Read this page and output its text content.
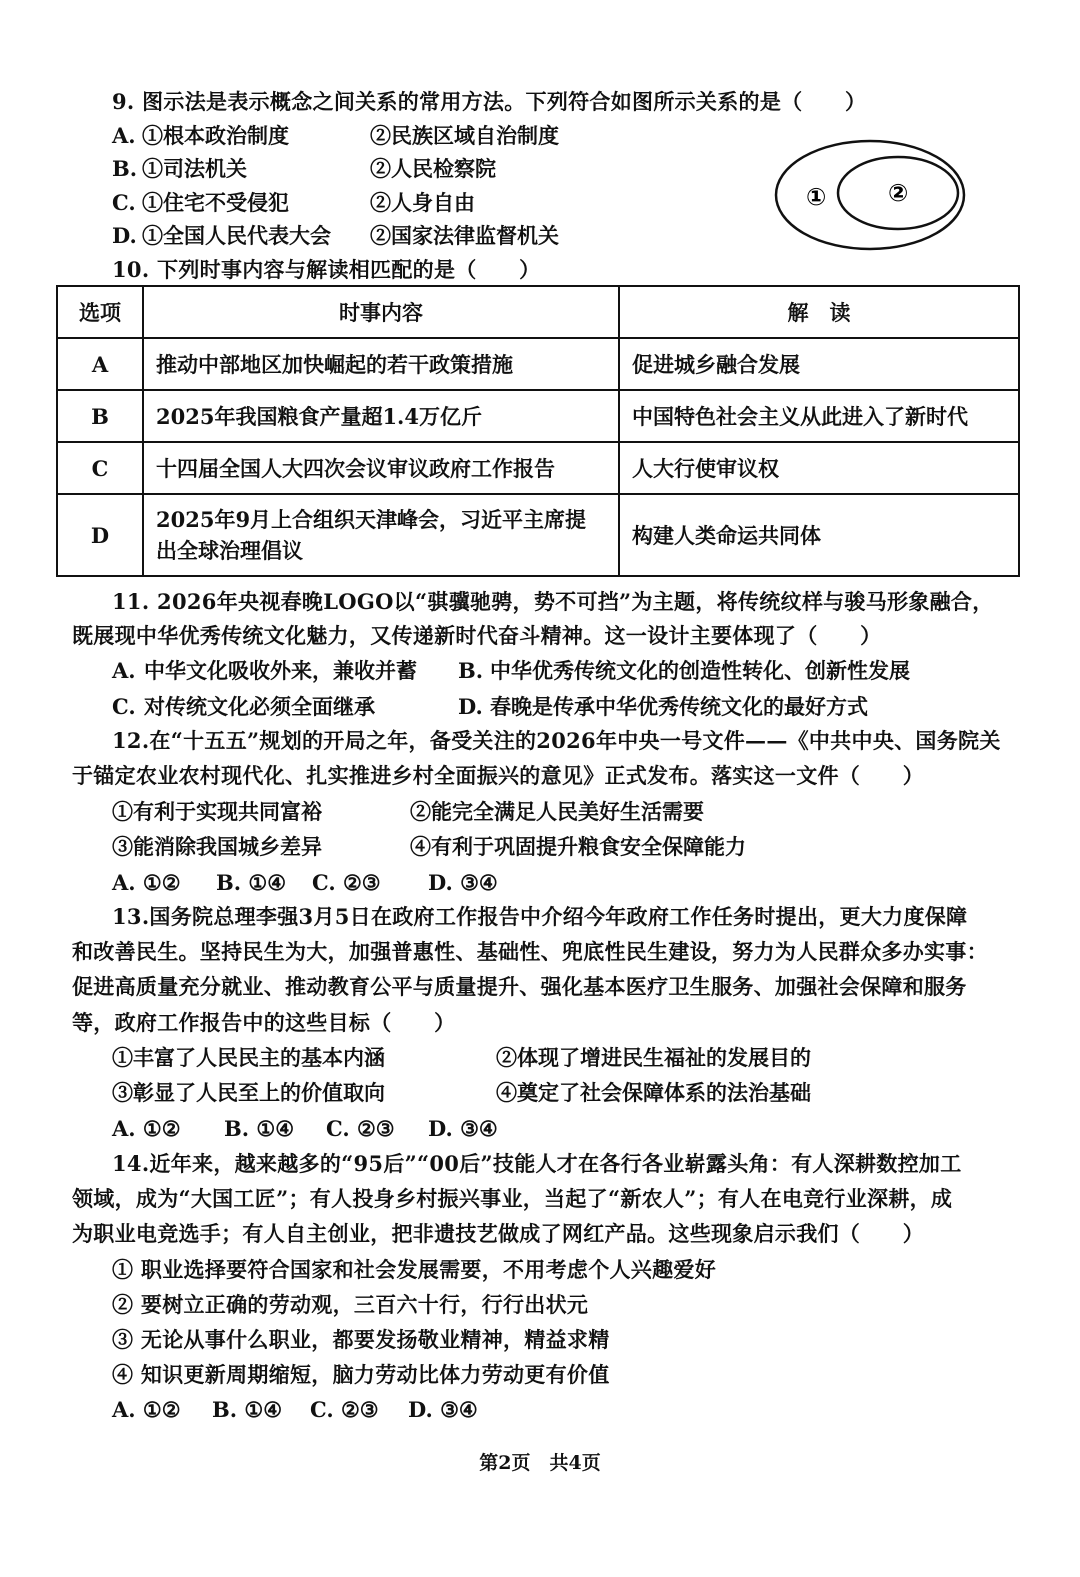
9. 图示法是表示概念之间关系的常用方法。下列符合如图所示关系的是（　　）
A. ①根本政治制度	②民族区域自治制度
B. ①司法机关	②人民检察院
C. ①住宅不受侵犯	②人身自由
D. ①全国人民代表大会 ②国家法律监督机关
①	②
10. 下列时事内容与解读相匹配的是（　　）
选项	时事内容	解　读
A	推动中部地区加快崛起的若干政策措施	促进城乡融合发展
B	2025年我国粮食产量超1.4万亿斤	中国特色社会主义从此进入了新时代
C	十四届全国人大四次会议审议政府工作报告	人大行使审议权
D	2025年9月上合组织天津峰会，习近平主席提出全球治理倡议	构建人类命运共同体
11. 2026年央视春晚LOGO以“骐骥驰骋，势不可挡”为主题，将传统纹样与骏马形象融合，
既展现中华优秀传统文化魅力，又传递新时代奋斗精神。这一设计主要体现了（　　）
A. 中华文化吸收外来，兼收并蓄 B. 中华优秀传统文化的创造性转化、创新性发展
C. 对传统文化必须全面继承	D. 春晚是传承中华优秀传统文化的最好方式
12.在“十五五”规划的开局之年，备受关注的2026年中央一号文件——《中共中央、国务院关
于锚定农业农村现代化、扎实推进乡村全面振兴的意见》正式发布。落实这一文件（　　）
①有利于实现共同富裕	②能完全满足人民美好生活需要
③能消除我国城乡差异	④有利于巩固提升粮食安全保障能力
A. ①② B. ①④ C. ②③ D. ③④
13.国务院总理李强3月5日在政府工作报告中介绍今年政府工作任务时提出，更大力度保障
和改善民生。坚持民生为大，加强普惠性、基础性、兜底性民生建设，努力为人民群众多办实事：
促进高质量充分就业、推动教育公平与质量提升、强化基本医疗卫生服务、加强社会保障和服务
等，政府工作报告中的这些目标（　　）
①丰富了人民民主的基本内涵	②体现了增进民生福祉的发展目的
③彰显了人民至上的价值取向	④奠定了社会保障体系的法治基础
A. ①② B. ①④ C. ②③ D. ③④
14.近年来，越来越多的“95后”“00后”技能人才在各行各业崭露头角：有人深耕数控加工
领域，成为“大国工匠”；有人投身乡村振兴事业，当起了“新农人”；有人在电竞行业深耕，成
为职业电竞选手；有人自主创业，把非遗技艺做成了网红产品。这些现象启示我们（　　）
① 职业选择要符合国家和社会发展需要，不用考虑个人兴趣爱好
② 要树立正确的劳动观，三百六十行，行行出状元
③ 无论从事什么职业，都要发扬敬业精神，精益求精
④ 知识更新周期缩短，脑力劳动比体力劳动更有价值
A. ①② B. ①④ C. ②③ D. ③④
第2页　共4页
